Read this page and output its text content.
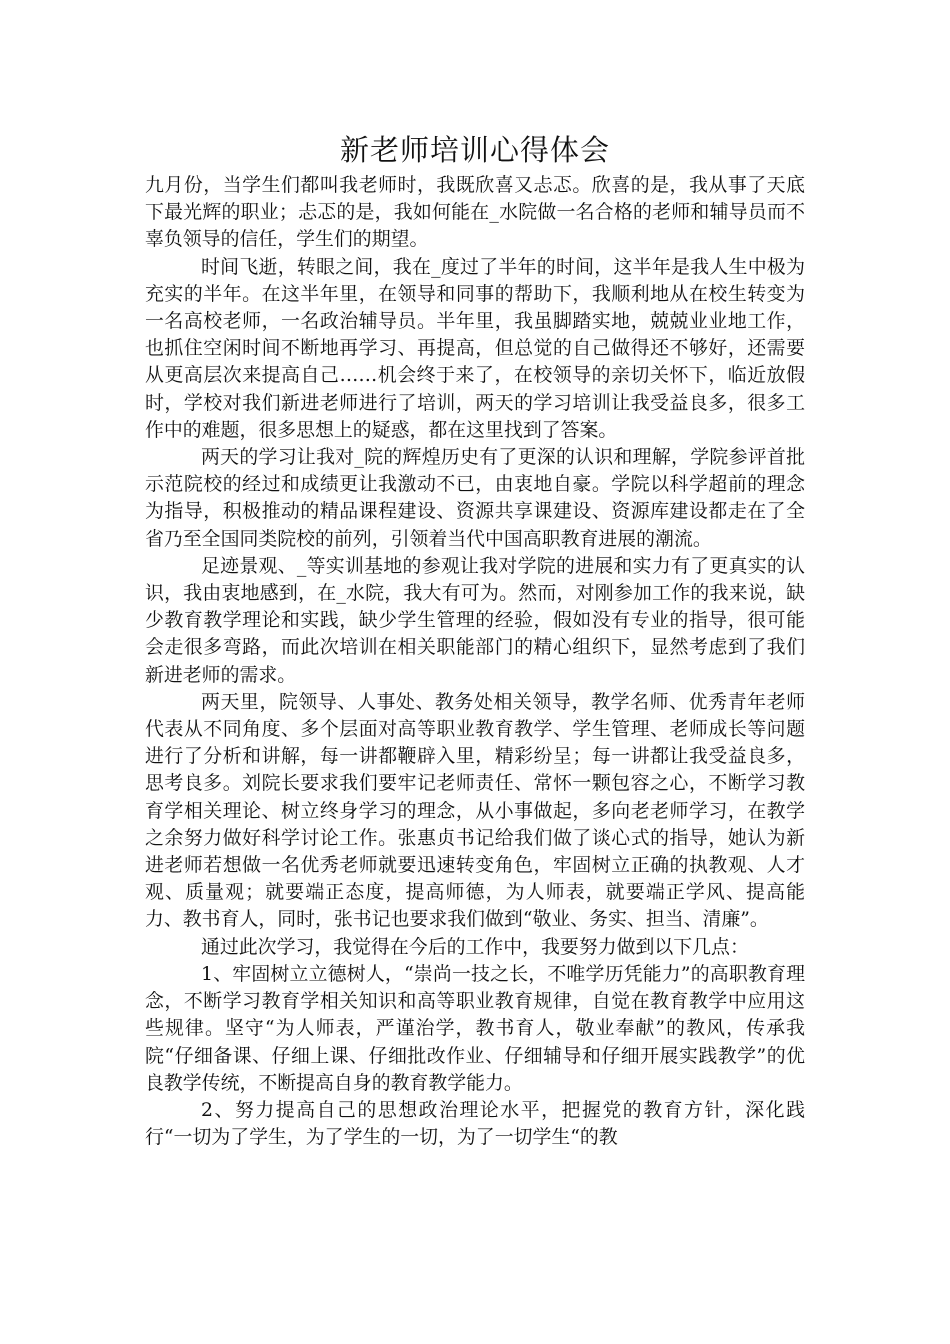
新老师培训心得体会

九月份，当学生们都叫我老师时，我既欣喜又忐忑。欣喜的是，我从事了天底下最光辉的职业；忐忑的是，我如何能在_水院做一名合格的老师和辅导员而不辜负领导的信任，学生们的期望。

时间飞逝，转眼之间，我在_度过了半年的时间，这半年是我人生中极为充实的半年。在这半年里，在领导和同事的帮助下，我顺利地从在校生转变为一名高校老师，一名政治辅导员。半年里，我虽脚踏实地，兢兢业业地工作，也抓住空闲时间不断地再学习、再提高，但总觉的自己做得还不够好，还需要从更高层次来提高自己……机会终于来了，在校领导的亲切关怀下，临近放假时，学校对我们新进老师进行了培训，两天的学习培训让我受益良多，很多工作中的难题，很多思想上的疑惑，都在这里找到了答案。

两天的学习让我对_院的辉煌历史有了更深的认识和理解，学院参评首批示范院校的经过和成绩更让我激动不已，由衷地自豪。学院以科学超前的理念为指导，积极推动的精品课程建设、资源共享课建设、资源库建设都走在了全省乃至全国同类院校的前列，引领着当代中国高职教育进展的潮流。

足迹景观、_等实训基地的参观让我对学院的进展和实力有了更真实的认识，我由衷地感到，在_水院，我大有可为。然而，对刚参加工作的我来说，缺少教育教学理论和实践，缺少学生管理的经验，假如没有专业的指导，很可能会走很多弯路，而此次培训在相关职能部门的精心组织下，显然考虑到了我们新进老师的需求。

两天里，院领导、人事处、教务处相关领导，教学名师、优秀青年老师代表从不同角度、多个层面对高等职业教育教学、学生管理、老师成长等问题进行了分析和讲解，每一讲都鞭辟入里，精彩纷呈；每一讲都让我受益良多，思考良多。刘院长要求我们要牢记老师责任、常怀一颗包容之心，不断学习教育学相关理论、树立终身学习的理念，从小事做起，多向老老师学习，在教学之余努力做好科学讨论工作。张惠贞书记给我们做了谈心式的指导，她认为新进老师若想做一名优秀老师就要迅速转变角色，牢固树立正确的执教观、人才观、质量观；就要端正态度，提高师德，为人师表，就要端正学风、提高能力、教书育人，同时，张书记也要求我们做到“敬业、务实、担当、清廉”。

通过此次学习，我觉得在今后的工作中，我要努力做到以下几点：

1、牢固树立立德树人，“崇尚一技之长，不唯学历凭能力”的高职教育理念，不断学习教育学相关知识和高等职业教育规律，自觉在教育教学中应用这些规律。坚守“为人师表，严谨治学，教书育人，敬业奉献”的教风，传承我院“仔细备课、仔细上课、仔细批改作业、仔细辅导和仔细开展实践教学”的优良教学传统，不断提高自身的教育教学能力。

2、努力提高自己的思想政治理论水平，把握党的教育方针，深化践行“一切为了学生，为了学生的一切，为了一切学生“的教
